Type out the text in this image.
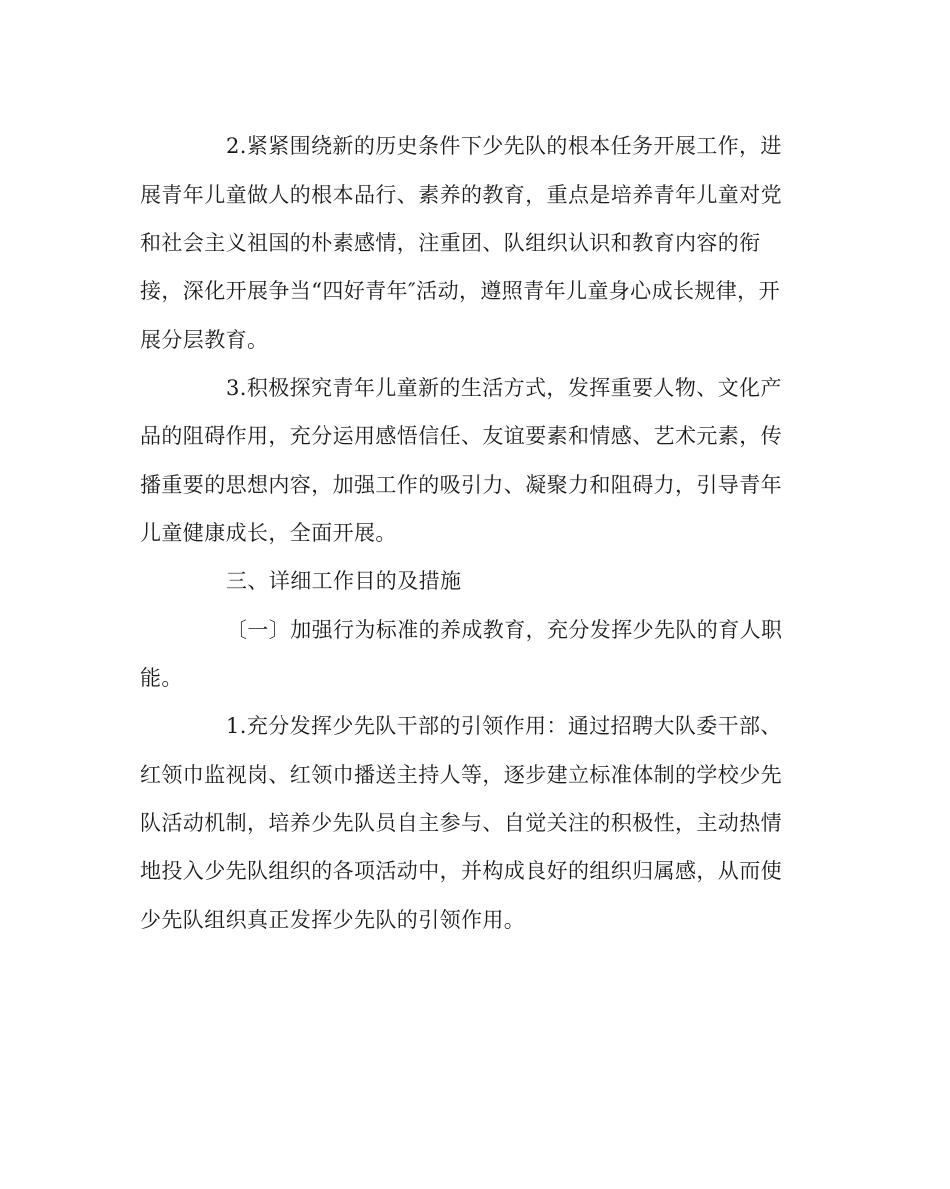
2.紧紧围绕新的历史条件下少先队的根本任务开展工作，进
展青年儿童做人的根本品行、素养的教育，重点是培养青年儿童对党
和社会主义祖国的朴素感情，注重团、队组织认识和教育内容的衔
接，深化开展争当“四好青年″活动，遵照青年儿童身心成长规律，开
展分层教育。
3.积极探究青年儿童新的生活方式，发挥重要人物、文化产
品的阻碍作用，充分运用感悟信任、友谊要素和情感、艺术元素，传
播重要的思想内容，加强工作的吸引力、凝聚力和阻碍力，引导青年
儿童健康成长，全面开展。
三、详细工作目的及措施
〔一〕加强行为标准的养成教育，充分发挥少先队的育人职
能。
1.充分发挥少先队干部的引领作用：通过招聘大队委干部、
红领巾监视岗、红领巾播送主持人等，逐步建立标准体制的学校少先
队活动机制，培养少先队员自主参与、自觉关注的积极性，主动热情
地投入少先队组织的各项活动中，并构成良好的组织归属感，从而使
少先队组织真正发挥少先队的引领作用。
